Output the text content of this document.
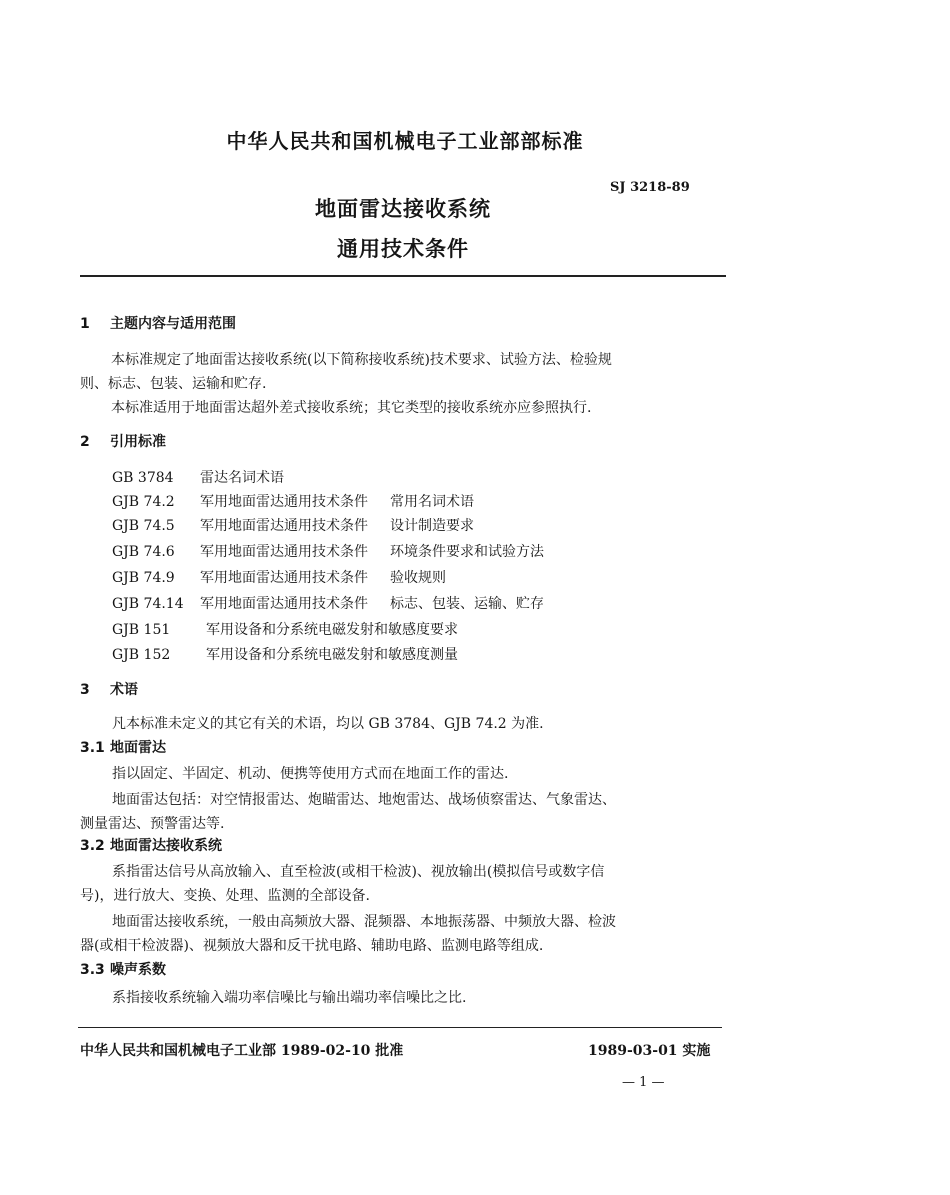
中华人民共和国机械电子工业部部标准
SJ 3218-89
地面雷达接收系统
通用技术条件
1 主题内容与适用范围
本标准规定了地面雷达接收系统(以下简称接收系统)技术要求、试验方法、检验规
则、标志、包装、运输和贮存.
本标准适用于地面雷达超外差式接收系统；其它类型的接收系统亦应参照执行.
2 引用标准
GB 3784 雷达名词术语
GJB 74.2 军用地面雷达通用技术条件 常用名词术语
GJB 74.5 军用地面雷达通用技术条件 设计制造要求
GJB 74.6 军用地面雷达通用技术条件 环境条件要求和试验方法
GJB 74.9 军用地面雷达通用技术条件 验收规则
GJB 74.14 军用地面雷达通用技术条件 标志、包装、运输、贮存
GJB 151	军用设备和分系统电磁发射和敏感度要求
GJB 152	军用设备和分系统电磁发射和敏感度测量
3 术语
凡本标准未定义的其它有关的术语，均以 GB 3784、GJB 74.2 为准.
3.1 地面雷达
指以固定、半固定、机动、便携等使用方式而在地面工作的雷达.
地面雷达包括：对空情报雷达、炮瞄雷达、地炮雷达、战场侦察雷达、气象雷达、
测量雷达、预警雷达等.
3.2 地面雷达接收系统
系指雷达信号从高放输入、直至检波(或相干检波)、视放输出(模拟信号或数字信
号)，进行放大、变换、处理、监测的全部设备.
地面雷达接收系统，一般由高频放大器、混频器、本地振荡器、中频放大器、检波
器(或相干检波器)、视频放大器和反干扰电路、辅助电路、监测电路等组成.
3.3 噪声系数
系指接收系统输入端功率信噪比与输出端功率信噪比之比.
中华人民共和国机械电子工业部 1989-02-10 批准	1989-03-01 实施
— 1 —
